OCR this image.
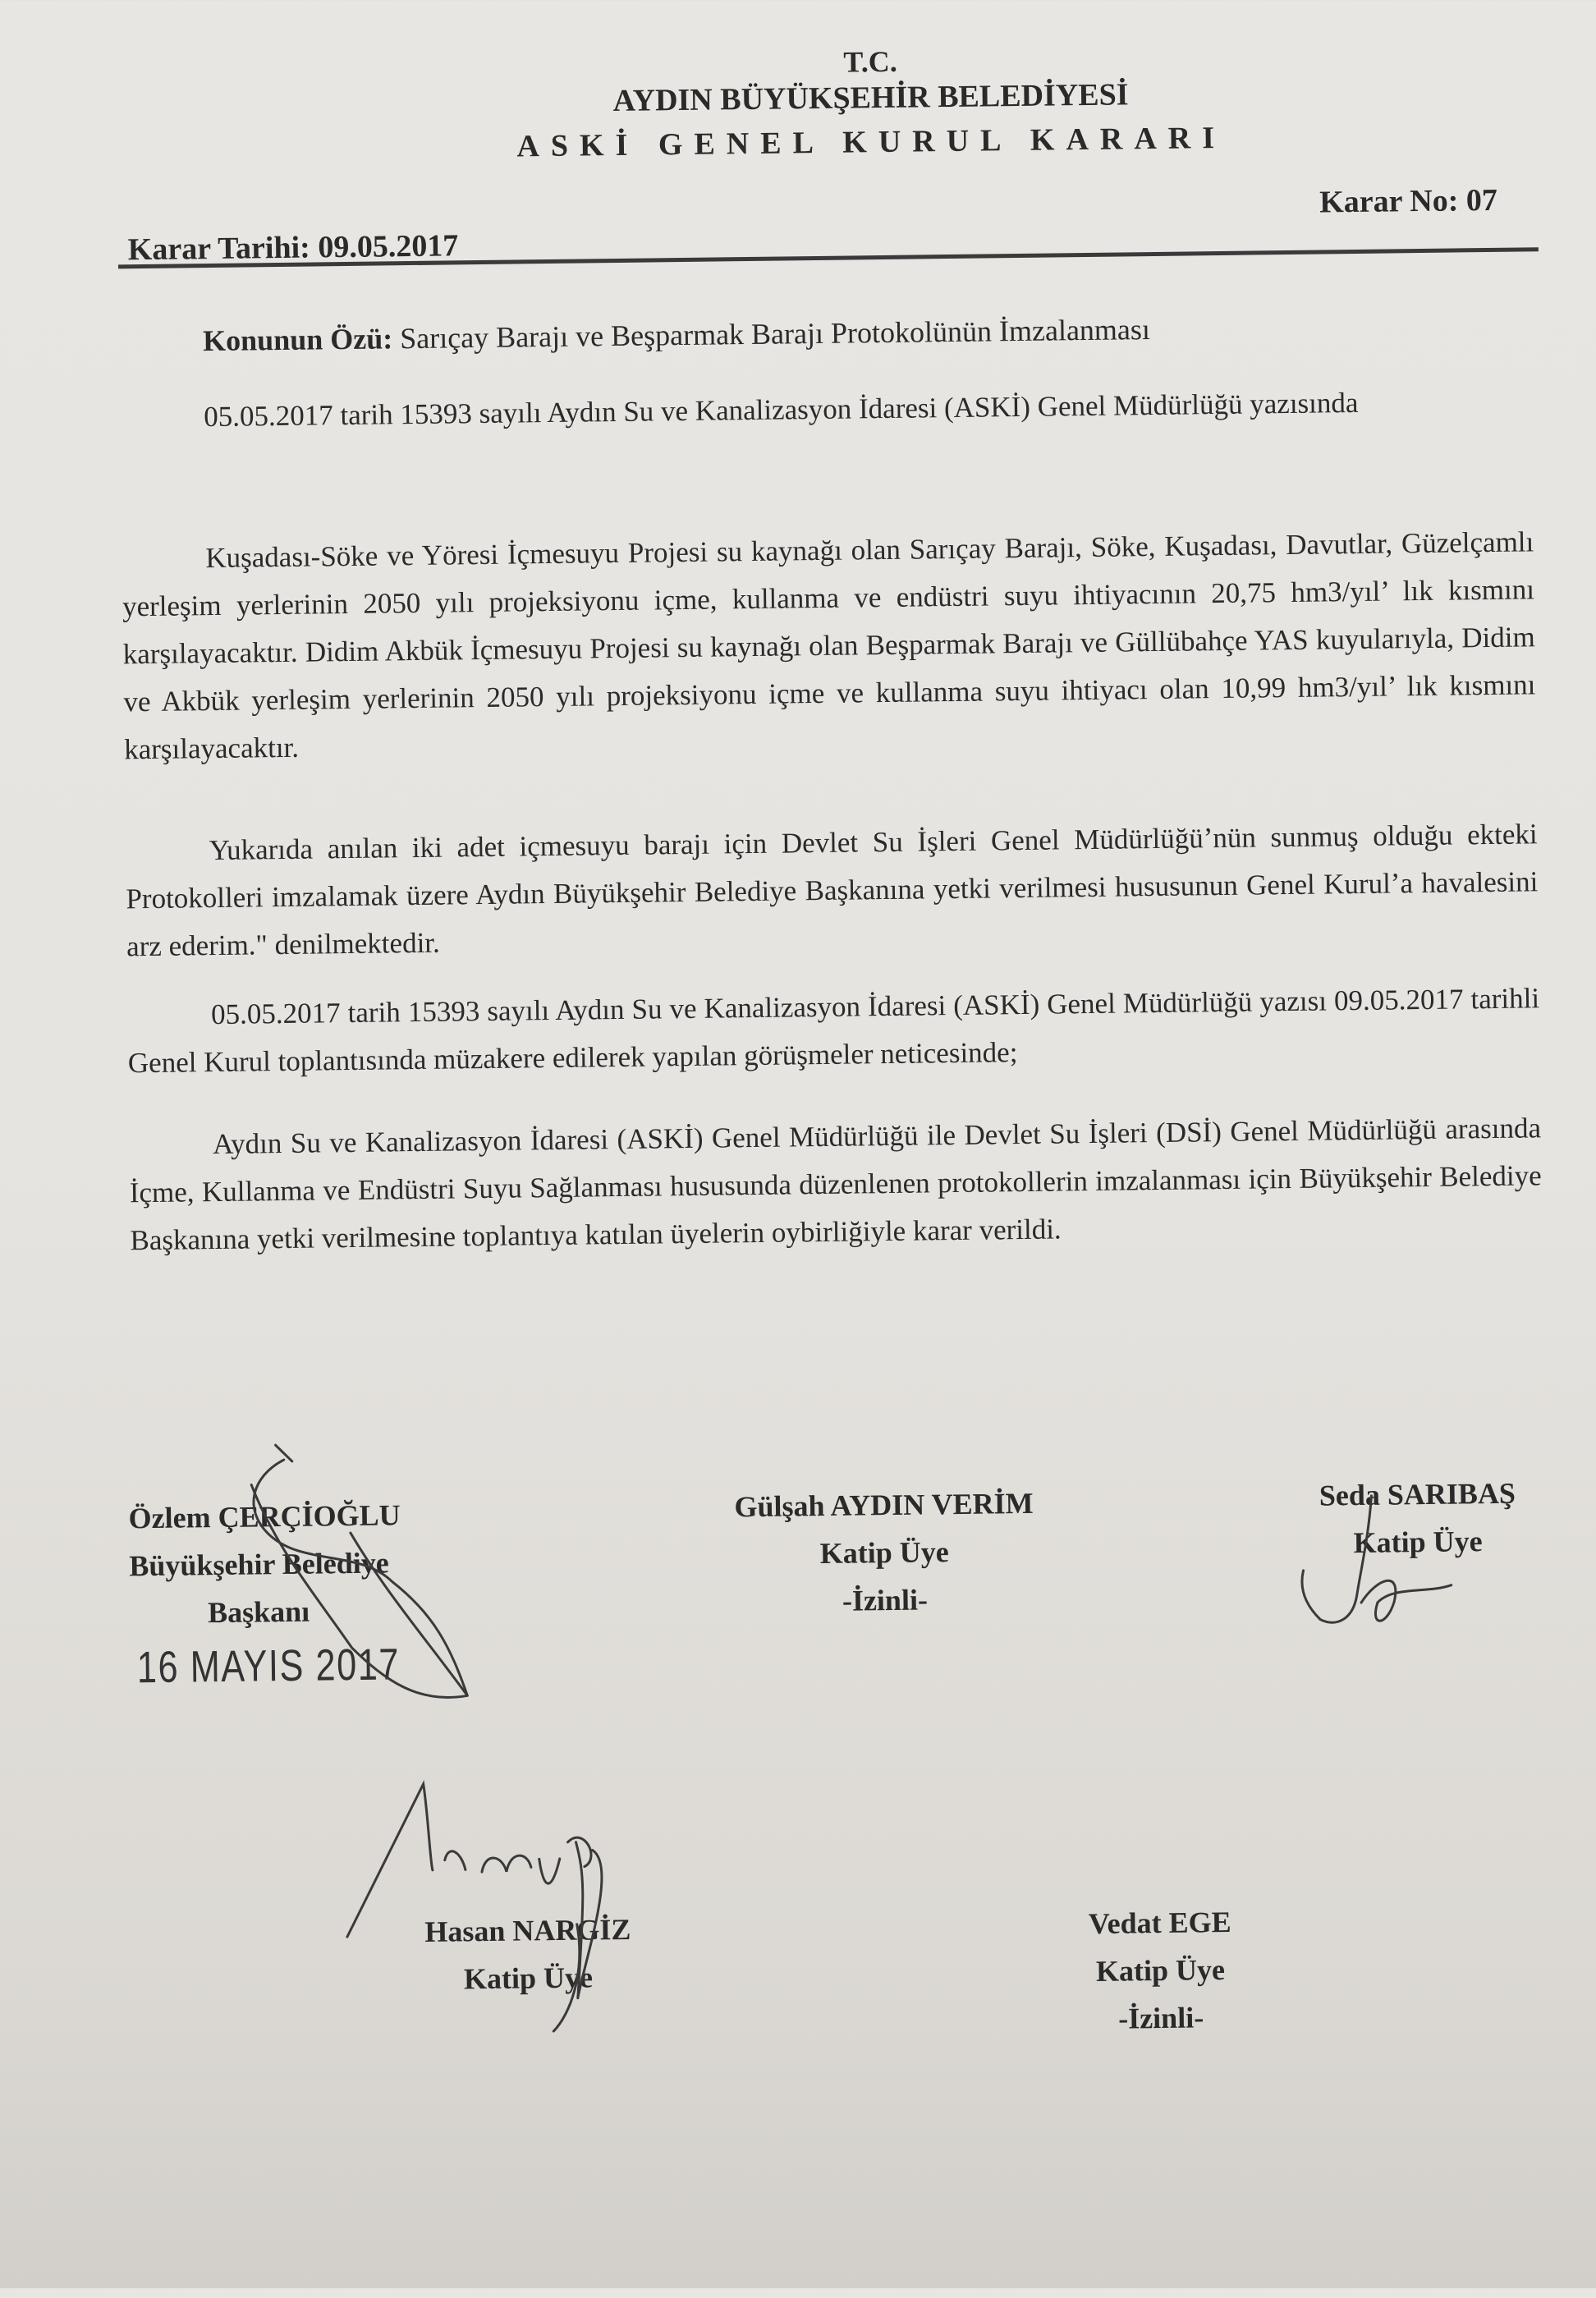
T.C.
AYDIN BÜYÜKŞEHİR BELEDİYESİ
ASKİ GENEL KURUL KARARI
Karar No: 07
Karar Tarihi: 09.05.2017
Konunun Özü: Sarıçay Barajı ve Beşparmak Barajı Protokolünün İmzalanması

05.05.2017 tarih 15393 sayılı Aydın Su ve Kanalizasyon İdaresi (ASKİ) Genel Müdürlüğü yazısında

Kuşadası-Söke ve Yöresi İçmesuyu Projesi su kaynağı olan Sarıçay Barajı, Söke, Kuşadası, Davutlar, Güzelçamlı yerleşim yerlerinin 2050 yılı projeksiyonu içme, kullanma ve endüstri suyu ihtiyacının 20,75 hm3/yıl’ lık kısmını karşılayacaktır. Didim Akbük İçmesuyu Projesi su kaynağı olan Beşparmak Barajı ve Güllübahçe YAS kuyularıyla, Didim ve Akbük yerleşim yerlerinin 2050 yılı projeksiyonu içme ve kullanma suyu ihtiyacı olan 10,99 hm3/yıl’ lık kısmını karşılayacaktır.

Yukarıda anılan iki adet içmesuyu barajı için Devlet Su İşleri Genel Müdürlüğü’nün sunmuş olduğu ekteki Protokolleri imzalamak üzere Aydın Büyükşehir Belediye Başkanına yetki verilmesi hususunun Genel Kurul’a havalesini arz ederim." denilmektedir.

05.05.2017 tarih 15393 sayılı Aydın Su ve Kanalizasyon İdaresi (ASKİ) Genel Müdürlüğü yazısı 09.05.2017 tarihli Genel Kurul toplantısında müzakere edilerek yapılan görüşmeler neticesinde;

Aydın Su ve Kanalizasyon İdaresi (ASKİ) Genel Müdürlüğü ile Devlet Su İşleri (DSİ) Genel Müdürlüğü arasında İçme, Kullanma ve Endüstri Suyu Sağlanması hususunda düzenlenen protokollerin imzalanması için Büyükşehir Belediye Başkanına yetki verilmesine toplantıya katılan üyelerin oybirliğiyle karar verildi.

Özlem ÇERÇİOĞLU
Büyükşehir Belediye
Başkanı
16 MAYIS 2017
Gülşah AYDIN VERİM
Katip Üye
-İzinli-
Seda SARIBAŞ
Katip Üye
Hasan NARGİZ
Katip Üye
Vedat EGE
Katip Üye
-İzinli-
